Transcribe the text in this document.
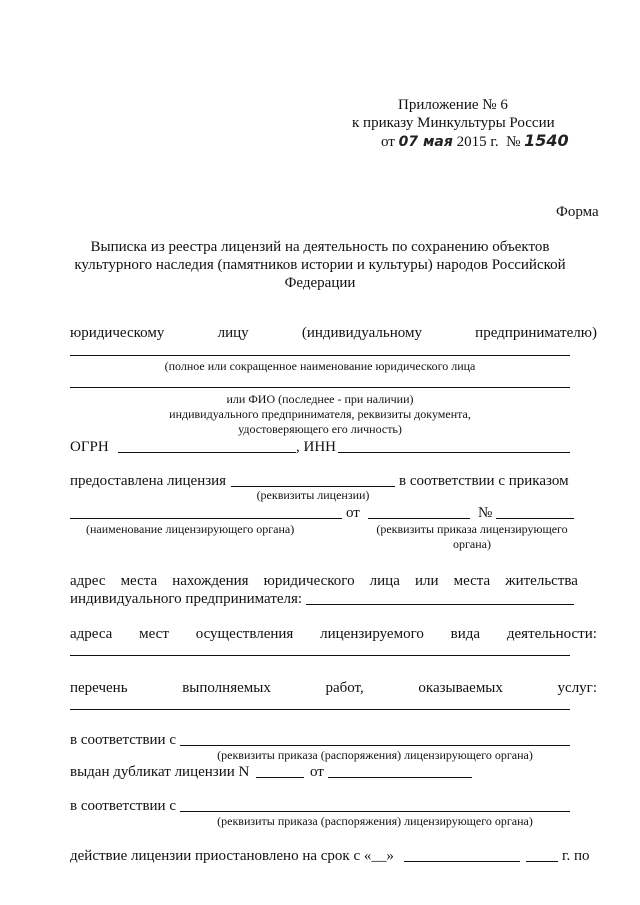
Приложение № 6
к приказу Минкультуры России
от 07 мая 2015 г. № 1540
Форма
Выписка из реестра лицензий на деятельность по сохранению объектов
культурного наследия (памятников истории и культуры) народов Российской
Федерации
юридическому	лицу	(индивидуальному	предпринимателю)
(полное или сокращенное наименование юридического лица
или ФИО (последнее - при наличии)
индивидуального предпринимателя, реквизиты документа,
удостоверяющего его личность)
ОГРН	, ИНН
предоставлена лицензия	в соответствии с приказом
(реквизиты лицензии)
от	№
(наименование лицензирующего органа)	(реквизиты приказа лицензирующего
органа)
адрес места нахождения юридического лица или места жительства
индивидуального предпринимателя:
адреса мест осуществления лицензируемого вида деятельности:
перечень	выполняемых	работ,	оказываемых	услуг:
в соответствии с
(реквизиты приказа (распоряжения) лицензирующего органа)
выдан дубликат лицензии N	от
в соответствии с
(реквизиты приказа (распоряжения) лицензирующего органа)
действие лицензии приостановлено на срок с «__»	г. по
